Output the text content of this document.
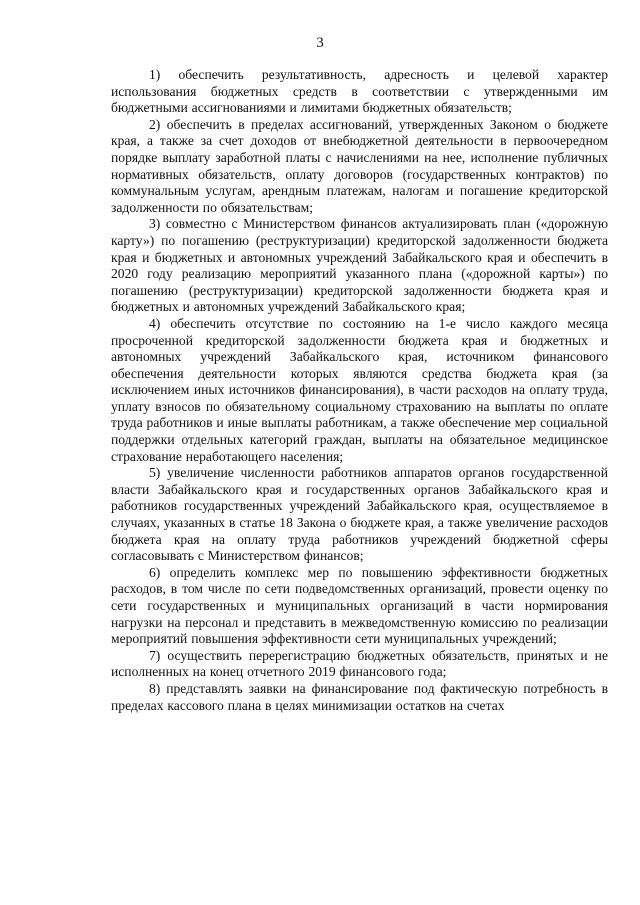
3

1) обеспечить результативность, адресность и целевой характер использования бюджетных средств в соответствии с утвержденными им бюджетными ассигнованиями и лимитами бюджетных обязательств;

2) обеспечить в пределах ассигнований, утвержденных Законом о бюджете края, а также за счет доходов от внебюджетной деятельности в первоочередном порядке выплату заработной платы с начислениями на нее, исполнение публичных нормативных обязательств, оплату договоров (государственных контрактов) по коммунальным услугам, арендным платежам, налогам и погашение кредиторской задолженности по обязательствам;

3) совместно с Министерством финансов актуализировать план («дорожную карту») по погашению (реструктуризации) кредиторской задолженности бюджета края и бюджетных и автономных учреждений Забайкальского края и обеспечить в 2020 году реализацию мероприятий указанного плана («дорожной карты») по погашению (реструктуризации) кредиторской задолженности бюджета края и бюджетных и автономных учреждений Забайкальского края;

4) обеспечить отсутствие по состоянию на 1-е число каждого месяца просроченной кредиторской задолженности бюджета края и бюджетных и автономных учреждений Забайкальского края, источником финансового обеспечения деятельности которых являются средства бюджета края (за исключением иных источников финансирования), в части расходов на оплату труда, уплату взносов по обязательному социальному страхованию на выплаты по оплате труда работников и иные выплаты работникам, а также обеспечение мер социальной поддержки отдельных категорий граждан, выплаты на обязательное медицинское страхование неработающего населения;

5) увеличение численности работников аппаратов органов государственной власти Забайкальского края и государственных органов Забайкальского края и работников государственных учреждений Забайкальского края, осуществляемое в случаях, указанных в статье 18 Закона о бюджете края, а также увеличение расходов бюджета края на оплату труда работников учреждений бюджетной сферы согласовывать с Министерством финансов;

6) определить комплекс мер по повышению эффективности бюджетных расходов, в том числе по сети подведомственных организаций, провести оценку по сети государственных и муниципальных организаций в части нормирования нагрузки на персонал и представить в межведомственную комиссию по реализации мероприятий повышения эффективности сети муниципальных учреждений;

7) осуществить перерегистрацию бюджетных обязательств, принятых и не исполненных на конец отчетного 2019 финансового года;

8) представлять заявки на финансирование под фактическую потребность в пределах кассового плана в целях минимизации остатков на счетах
